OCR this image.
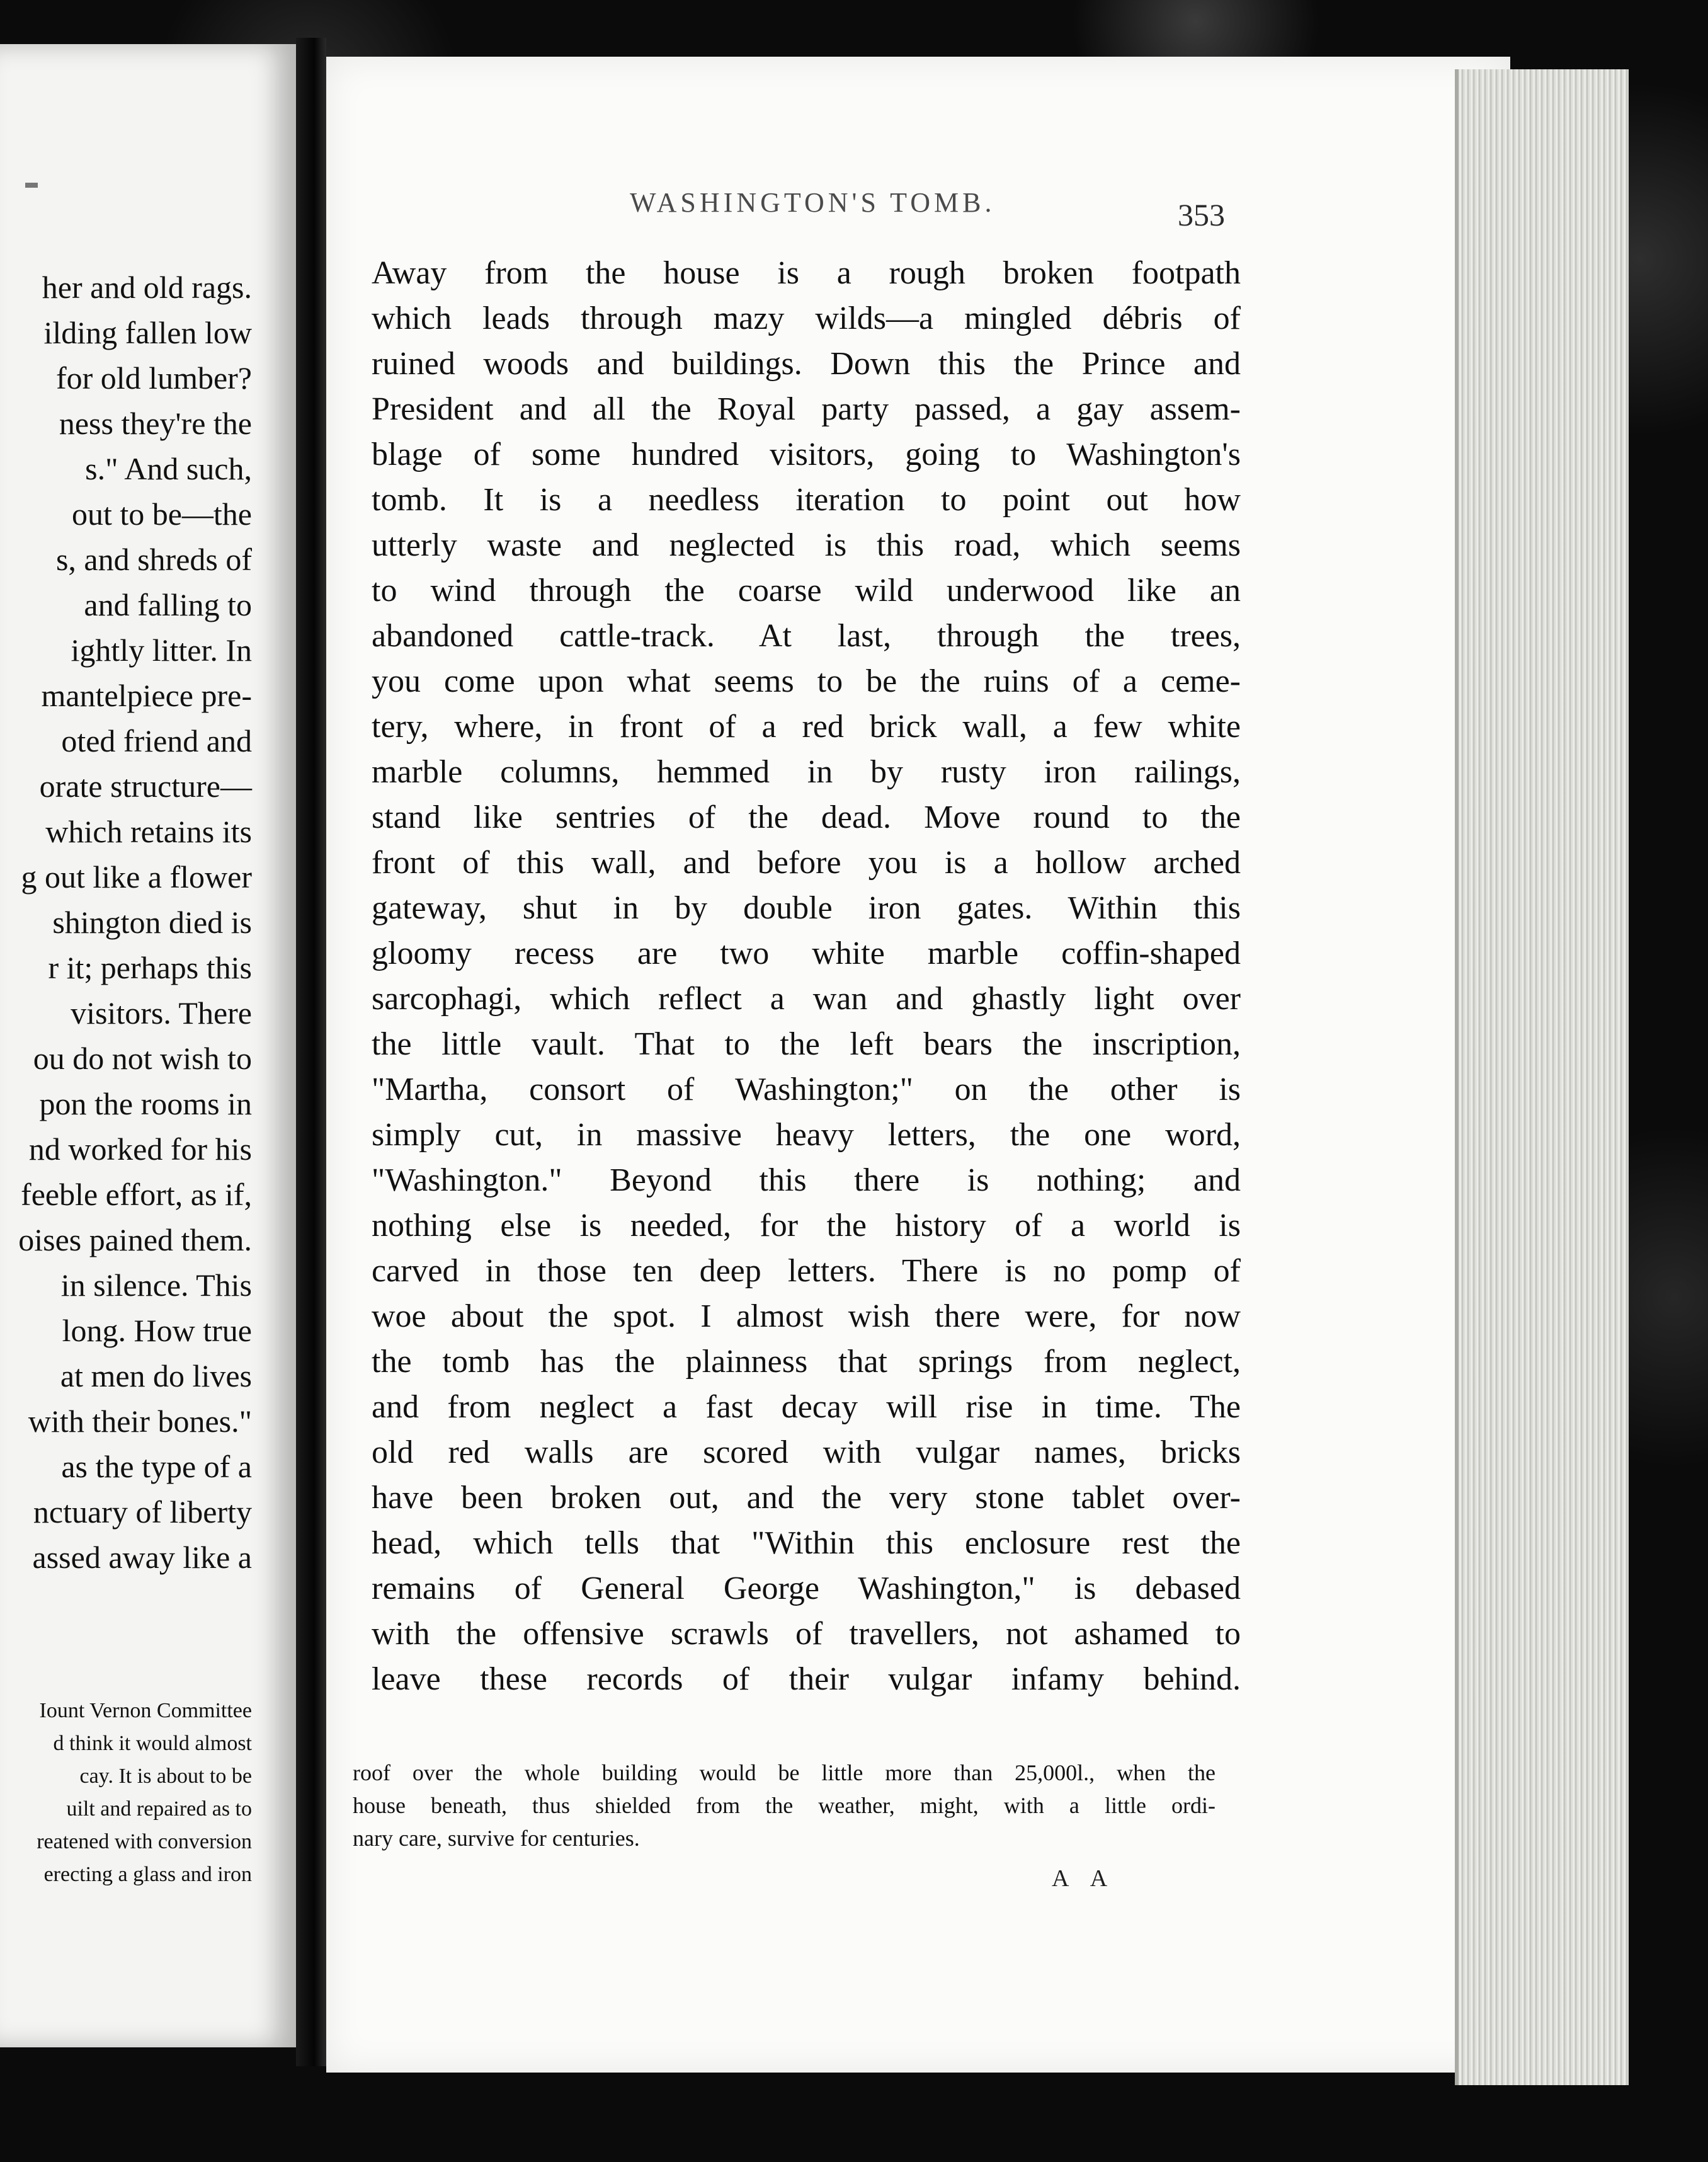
her and old rags.
ilding fallen low
for old lumber?
ness they're the
s." And such,
out to be—the
s, and shreds of
and falling to
ightly litter. In
mantelpiece pre-
oted friend and
orate structure—
which retains its
g out like a flower
shington died is
r it; perhaps this
visitors. There
ou do not wish to
pon the rooms in
nd worked for his
feeble effort, as if,
oises pained them.
in silence. This
long. How true
at men do lives
with their bones."
as the type of a
nctuary of liberty
assed away like a
Iount Vernon Committee
d think it would almost
cay. It is about to be
uilt and repaired as to
reatened with conversion
erecting a glass and iron
WASHINGTON'S TOMB.	353
Away from the house is a rough broken footpath
which leads through mazy wilds—a mingled débris of
ruined woods and buildings. Down this the Prince and
President and all the Royal party passed, a gay assem-
blage of some hundred visitors, going to Washington's
tomb. It is a needless iteration to point out how
utterly waste and neglected is this road, which seems
to wind through the coarse wild underwood like an
abandoned cattle-track. At last, through the trees,
you come upon what seems to be the ruins of a ceme-
tery, where, in front of a red brick wall, a few white
marble columns, hemmed in by rusty iron railings,
stand like sentries of the dead. Move round to the
front of this wall, and before you is a hollow arched
gateway, shut in by double iron gates. Within this
gloomy recess are two white marble coffin-shaped
sarcophagi, which reflect a wan and ghastly light over
the little vault. That to the left bears the inscription,
"Martha, consort of Washington;" on the other is
simply cut, in massive heavy letters, the one word,
"Washington." Beyond this there is nothing; and
nothing else is needed, for the history of a world is
carved in those ten deep letters. There is no pomp of
woe about the spot. I almost wish there were, for now
the tomb has the plainness that springs from neglect,
and from neglect a fast decay will rise in time. The
old red walls are scored with vulgar names, bricks
have been broken out, and the very stone tablet over-
head, which tells that "Within this enclosure rest the
remains of General George Washington," is debased
with the offensive scrawls of travellers, not ashamed to
leave these records of their vulgar infamy behind.
roof over the whole building would be little more than 25,000l., when the
house beneath, thus shielded from the weather, might, with a little ordi-
nary care, survive for centuries.
A A
